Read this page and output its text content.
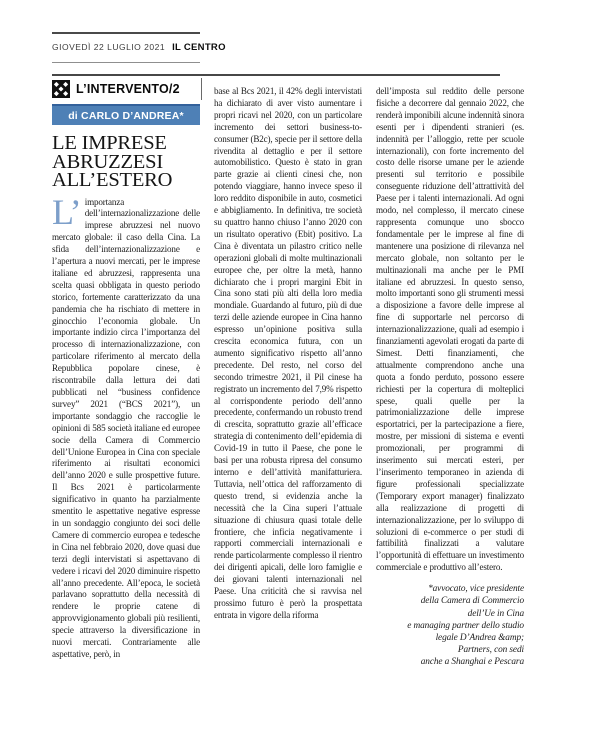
GIOVEDÌ 22 LUGLIO 2021 IL CENTRO
L’INTERVENTO/2
di CARLO D’ANDREA*
LE IMPRESE
ABRUZZESI
ALL’ESTERO

L’ importanza dell’internazionalizzazione delle imprese abruzzesi nel nuovo mercato globale: il caso della Cina. La sfida dell’internazionalizzazione e l’apertura a nuovi mercati, per le imprese italiane ed abruzzesi, rappresenta una scelta quasi obbligata in questo periodo storico, fortemente caratterizzato da una pandemia che ha rischiato di mettere in ginocchio l’economia globale. Un importante indizio circa l’importanza del processo di internazionalizzazione, con particolare riferimento al mercato della Repubblica popolare cinese, è riscontrabile dalla lettura dei dati pubblicati nel “business confidence survey” 2021 (“BCS 2021”), un importante sondaggio che raccoglie le opinioni di 585 società italiane ed europee socie della Camera di Commercio dell’Unione Europea in Cina con speciale riferimento ai risultati economici dell’anno 2020 e sulle prospettive future. Il Bcs 2021 è particolarmente significativo in quanto ha parzialmente smentito le aspettative negative espresse in un sondaggio congiunto dei soci delle Camere di commercio europea e tedesche in Cina nel febbraio 2020, dove quasi due terzi degli intervistati si aspettavano di vedere i ricavi del 2020 diminuire rispetto all’anno precedente. All’epoca, le società parlavano soprattutto della necessità di rendere le proprie catene di approvvigionamento globali più resilienti, specie attraverso la diversificazione in nuovi mercati. Contrariamente alle aspettative, però, in

base al Bcs 2021, il 42% degli intervistati ha dichiarato di aver visto aumentare i propri ricavi nel 2020, con un particolare incremento dei settori business-to-consumer (B2c), specie per il settore della rivendita al dettaglio e per il settore automobilistico. Questo è stato in gran parte grazie ai clienti cinesi che, non potendo viaggiare, hanno invece speso il loro reddito disponibile in auto, cosmetici e abbigliamento. In definitiva, tre società su quattro hanno chiuso l’anno 2020 con un risultato operativo (Ebit) positivo. La Cina è diventata un pilastro critico nelle operazioni globali di molte multinazionali europee che, per oltre la metà, hanno dichiarato che i propri margini Ebit in Cina sono stati più alti della loro media mondiale. Guardando al futuro, più di due terzi delle aziende europee in Cina hanno espresso un’opinione positiva sulla crescita economica futura, con un aumento significativo rispetto all’anno precedente. Del resto, nel corso del secondo trimestre 2021, il Pil cinese ha registrato un incremento del 7,9% rispetto al corrispondente periodo dell’anno precedente, confermando un robusto trend di crescita, soprattutto grazie all’efficace strategia di contenimento dell’epidemia di Covid-19 in tutto il Paese, che pone le basi per una robusta ripresa del consumo interno e dell’attività manifatturiera. Tuttavia, nell’ottica del rafforzamento di questo trend, si evidenzia anche la necessità che la Cina superi l’attuale situazione di chiusura quasi totale delle frontiere, che inficia negativamente i rapporti commerciali internazionali e rende particolarmente complesso il rientro dei dirigenti apicali, delle loro famiglie e dei giovani talenti internazionali nel Paese. Una criticità che si ravvisa nel prossimo futuro è però la prospettata entrata in vigore della riforma

dell’imposta sul reddito delle persone fisiche a decorrere dal gennaio 2022, che renderà imponibili alcune indennità sinora esenti per i dipendenti stranieri (es. indennità per l’alloggio, rette per scuole internazionali), con forte incremento del costo delle risorse umane per le aziende presenti sul territorio e possibile conseguente riduzione dell’attrattività del Paese per i talenti internazionali. Ad ogni modo, nel complesso, il mercato cinese rappresenta comunque uno sbocco fondamentale per le imprese al fine di mantenere una posizione di rilevanza nel mercato globale, non soltanto per le multinazionali ma anche per le PMI italiane ed abruzzesi. In questo senso, molto importanti sono gli strumenti messi a disposizione a favore delle imprese al fine di supportarle nel percorso di internazionalizzazione, quali ad esempio i finanziamenti agevolati erogati da parte di Simest. Detti finanziamenti, che attualmente comprendono anche una quota a fondo perduto, possono essere richiesti per la copertura di molteplici spese, quali quelle per la patrimonializzazione delle imprese esportatrici, per la partecipazione a fiere, mostre, per missioni di sistema e eventi promozionali, per programmi di inserimento sui mercati esteri, per l’inserimento temporaneo in azienda di figure professionali specializzate (Temporary export manager) finalizzato alla realizzazione di progetti di internazionalizzazione, per lo sviluppo di soluzioni di e-commerce o per studi di fattibilità finalizzati a valutare l’opportunità di effettuare un investimento commerciale e produttivo all’estero.

*avvocato, vice presidente
della Camera di Commercio
dell’Ue in Cina
e managing partner dello studio
legale D’Andrea &amp;
Partners, con sedi
anche a Shanghai e Pescara
